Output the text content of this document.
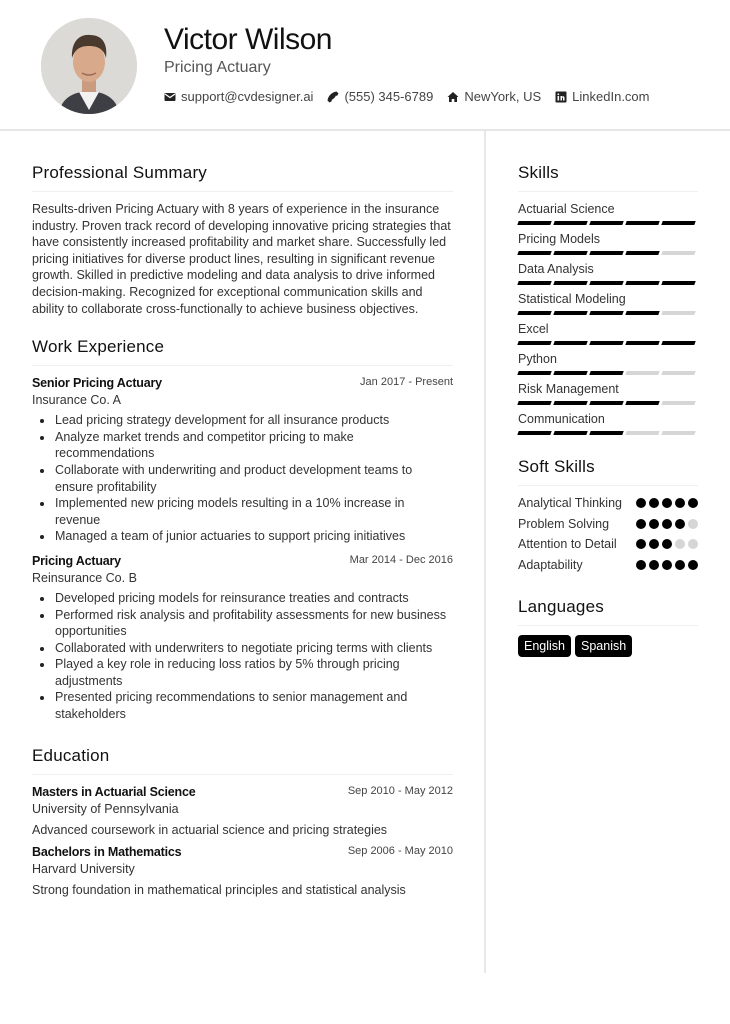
Victor Wilson
Pricing Actuary
support@cvdesigner.ai (555) 345-6789 NewYork, US LinkedIn.com
Professional Summary

Results-driven Pricing Actuary with 8 years of experience in the insurance industry. Proven track record of developing innovative pricing strategies that have consistently increased profitability and market share. Successfully led pricing initiatives for diverse product lines, resulting in significant revenue growth. Skilled in predictive modeling and data analysis to drive informed decision-making. Recognized for exceptional communication skills and ability to collaborate cross-functionally to achieve business objectives.

Work Experience
Senior Pricing Actuary	Jan 2017 - Present
Insurance Co. A
Lead pricing strategy development for all insurance products
Analyze market trends and competitor pricing to make recommendations
Collaborate with underwriting and product development teams to ensure profitability
Implemented new pricing models resulting in a 10% increase in revenue
Managed a team of junior actuaries to support pricing initiatives
Pricing Actuary	Mar 2014 - Dec 2016
Reinsurance Co. B
Developed pricing models for reinsurance treaties and contracts
Performed risk analysis and profitability assessments for new business opportunities
Collaborated with underwriters to negotiate pricing terms with clients
Played a key role in reducing loss ratios by 5% through pricing adjustments
Presented pricing recommendations to senior management and stakeholders
Education
Masters in Actuarial Science	Sep 2010 - May 2012
University of Pennsylvania
Advanced coursework in actuarial science and pricing strategies
Bachelors in Mathematics	Sep 2006 - May 2010
Harvard University
Strong foundation in mathematical principles and statistical analysis
Skills
Actuarial Science
Pricing Models
Data Analysis
Statistical Modeling
Excel
Python
Risk Management
Communication
Soft Skills
Analytical Thinking
Problem Solving
Attention to Detail
Adaptability
Languages
English	Spanish
